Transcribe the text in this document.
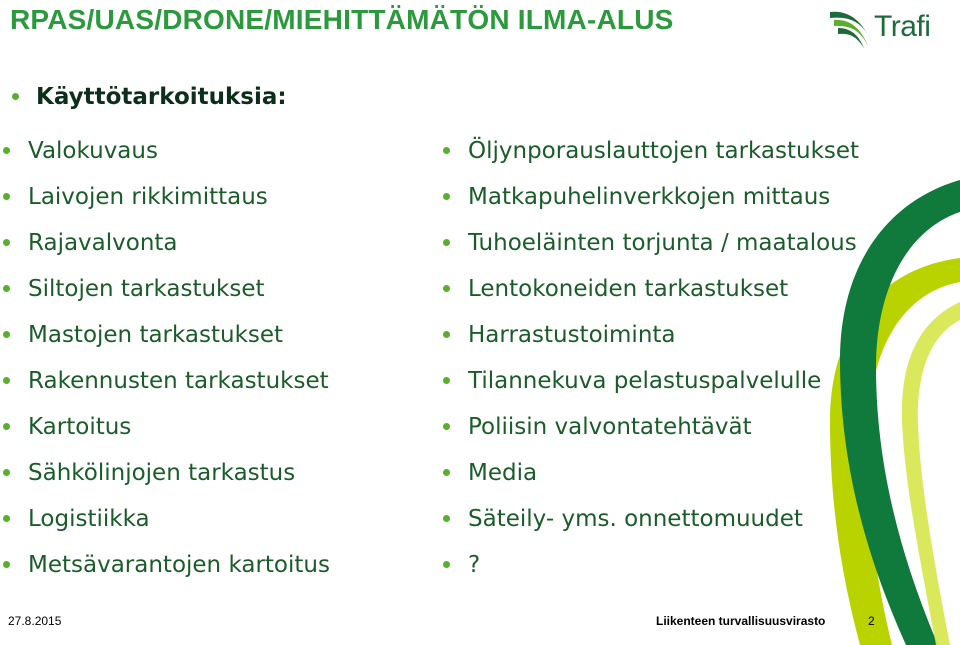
RPAS/UAS/DRONE/MIEHITTÄMÄTÖN ILMA-ALUS	Trafi
Käyttötarkoituksia:
Valokuvaus
Laivojen rikkimittaus
Rajavalvonta
Siltojen tarkastukset
Mastojen tarkastukset
Rakennusten tarkastukset
Kartoitus
Sähkölinjojen tarkastus
Logistiikka
Metsävarantojen kartoitus
Öljynporauslauttojen tarkastukset
Matkapuhelinverkkojen mittaus
Tuhoeläinten torjunta / maatalous
Lentokoneiden tarkastukset
Harrastustoiminta
Tilannekuva pelastuspalvelulle
Poliisin valvontatehtävät
Media
Säteily- yms. onnettomuudet
?
27.8.2015	Liikenteen turvallisuusvirasto	2
